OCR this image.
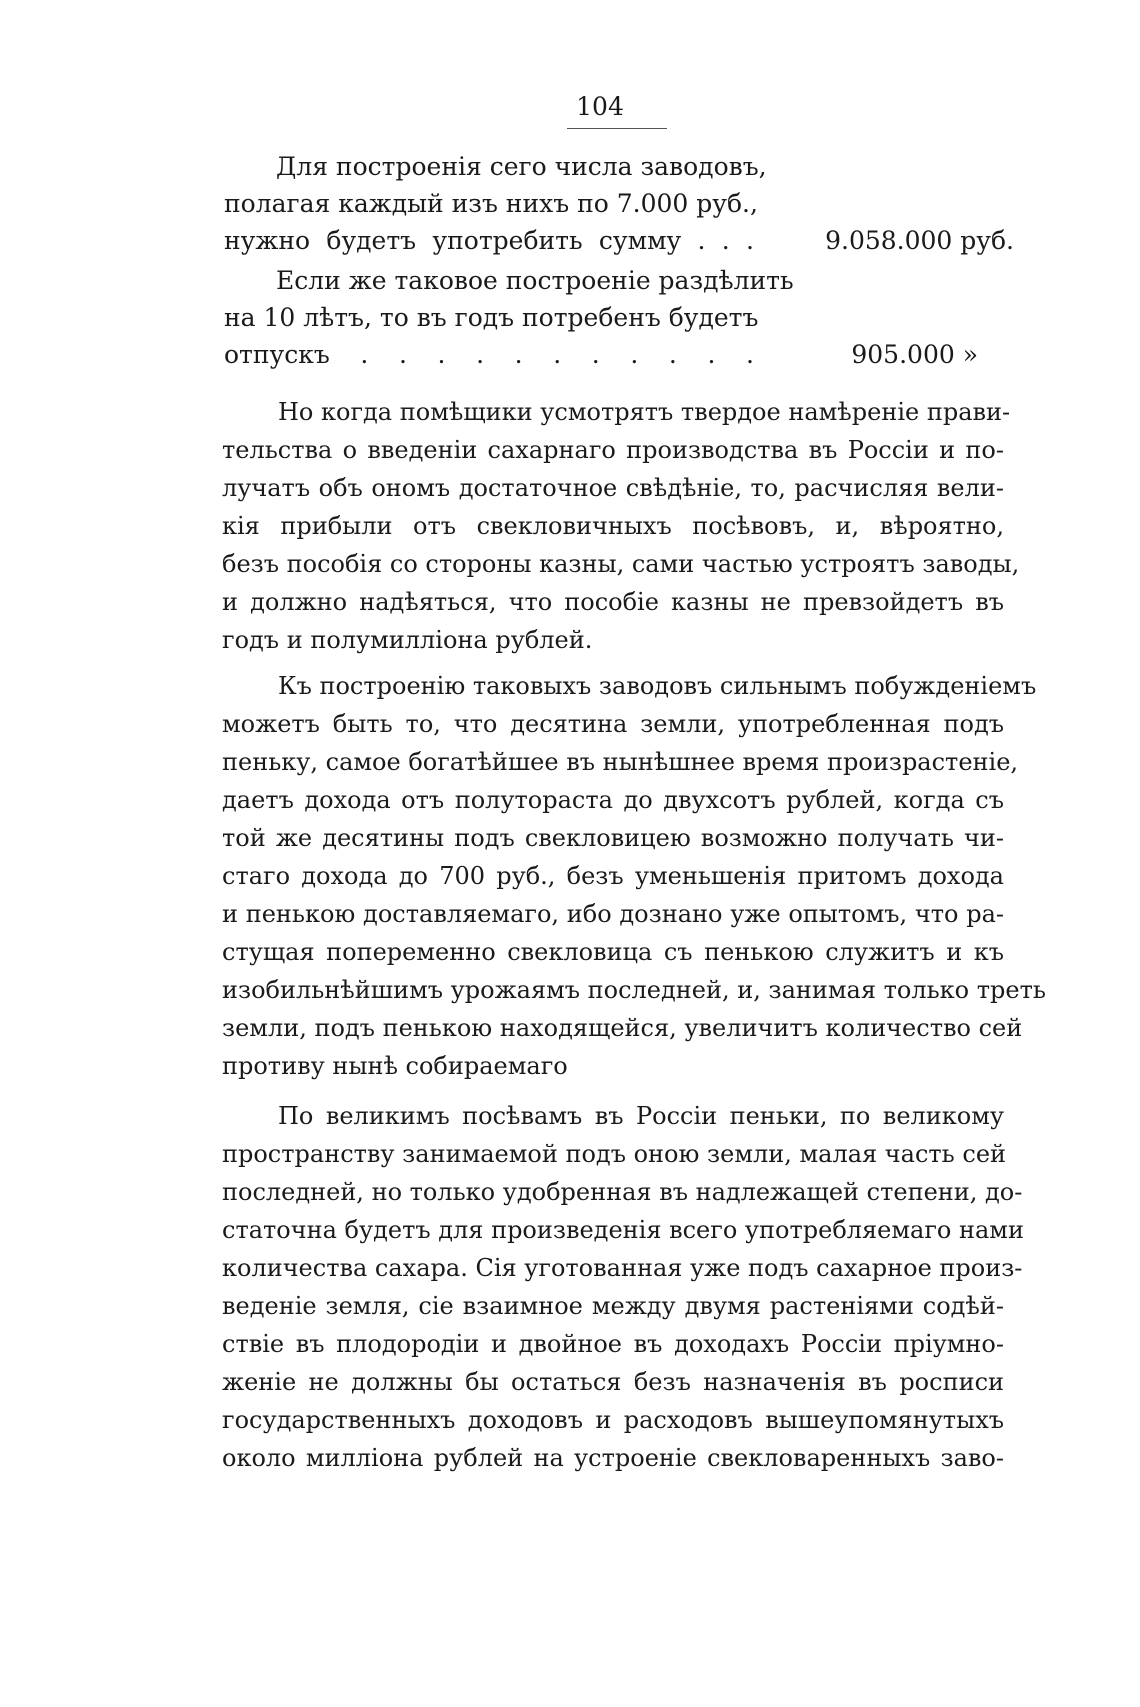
104
Для построенія сего числа заводовъ,
полагая каждый изъ нихъ по 7.000 руб.,
нужно будетъ употребить сумму . . .	9.058.000 руб.
Если же таковое построеніе раздѣлить
на 10 лѣтъ, то въ годъ потребенъ будетъ
отпускъ . . . . . . . . . . .	905.000 »
Но когда помѣщики усмотрятъ твердое намѣреніе прави-
тельства о введеніи сахарнаго производства въ Россіи и по-
лучатъ объ ономъ достаточное свѣдѣніе, то, расчисляя вели-
кія прибыли отъ свекловичныхъ посѣвовъ, и, вѣроятно,
безъ пособія со стороны казны, сами частью устроятъ заводы,
и должно надѣяться, что пособіе казны не превзойдетъ въ
годъ и полумилліона рублей.
Къ построенію таковыхъ заводовъ сильнымъ побужденіемъ
можетъ быть то, что десятина земли, употребленная подъ
пеньку, самое богатѣйшее въ нынѣшнее время произрастеніе,
даетъ дохода отъ полутораста до двухсотъ рублей, когда съ
той же десятины подъ свекловицею возможно получать чи-
стаго дохода до 700 руб., безъ уменьшенія притомъ дохода
и пенькою доставляемаго, ибо дознано уже опытомъ, что ра-
стущая попеременно свекловица съ пенькою служитъ и къ
изобильнѣйшимъ урожаямъ последней, и, занимая только треть
земли, подъ пенькою находящейся, увеличитъ количество сей
противу нынѣ собираемаго
По великимъ посѣвамъ въ Россіи пеньки, по великому
пространству занимаемой подъ оною земли, малая часть сей
последней, но только удобренная въ надлежащей степени, до-
статочна будетъ для произведенія всего употребляемаго нами
количества сахара. Сія уготованная уже подъ сахарное произ-
веденіе земля, сіе взаимное между двумя растеніями содѣй-
ствіе въ плодородіи и двойное въ доходахъ Россіи пріумно-
женіе не должны бы остаться безъ назначенія въ росписи
государственныхъ доходовъ и расходовъ вышеупомянутыхъ
около милліона рублей на устроеніе свекловаренныхъ заво-
